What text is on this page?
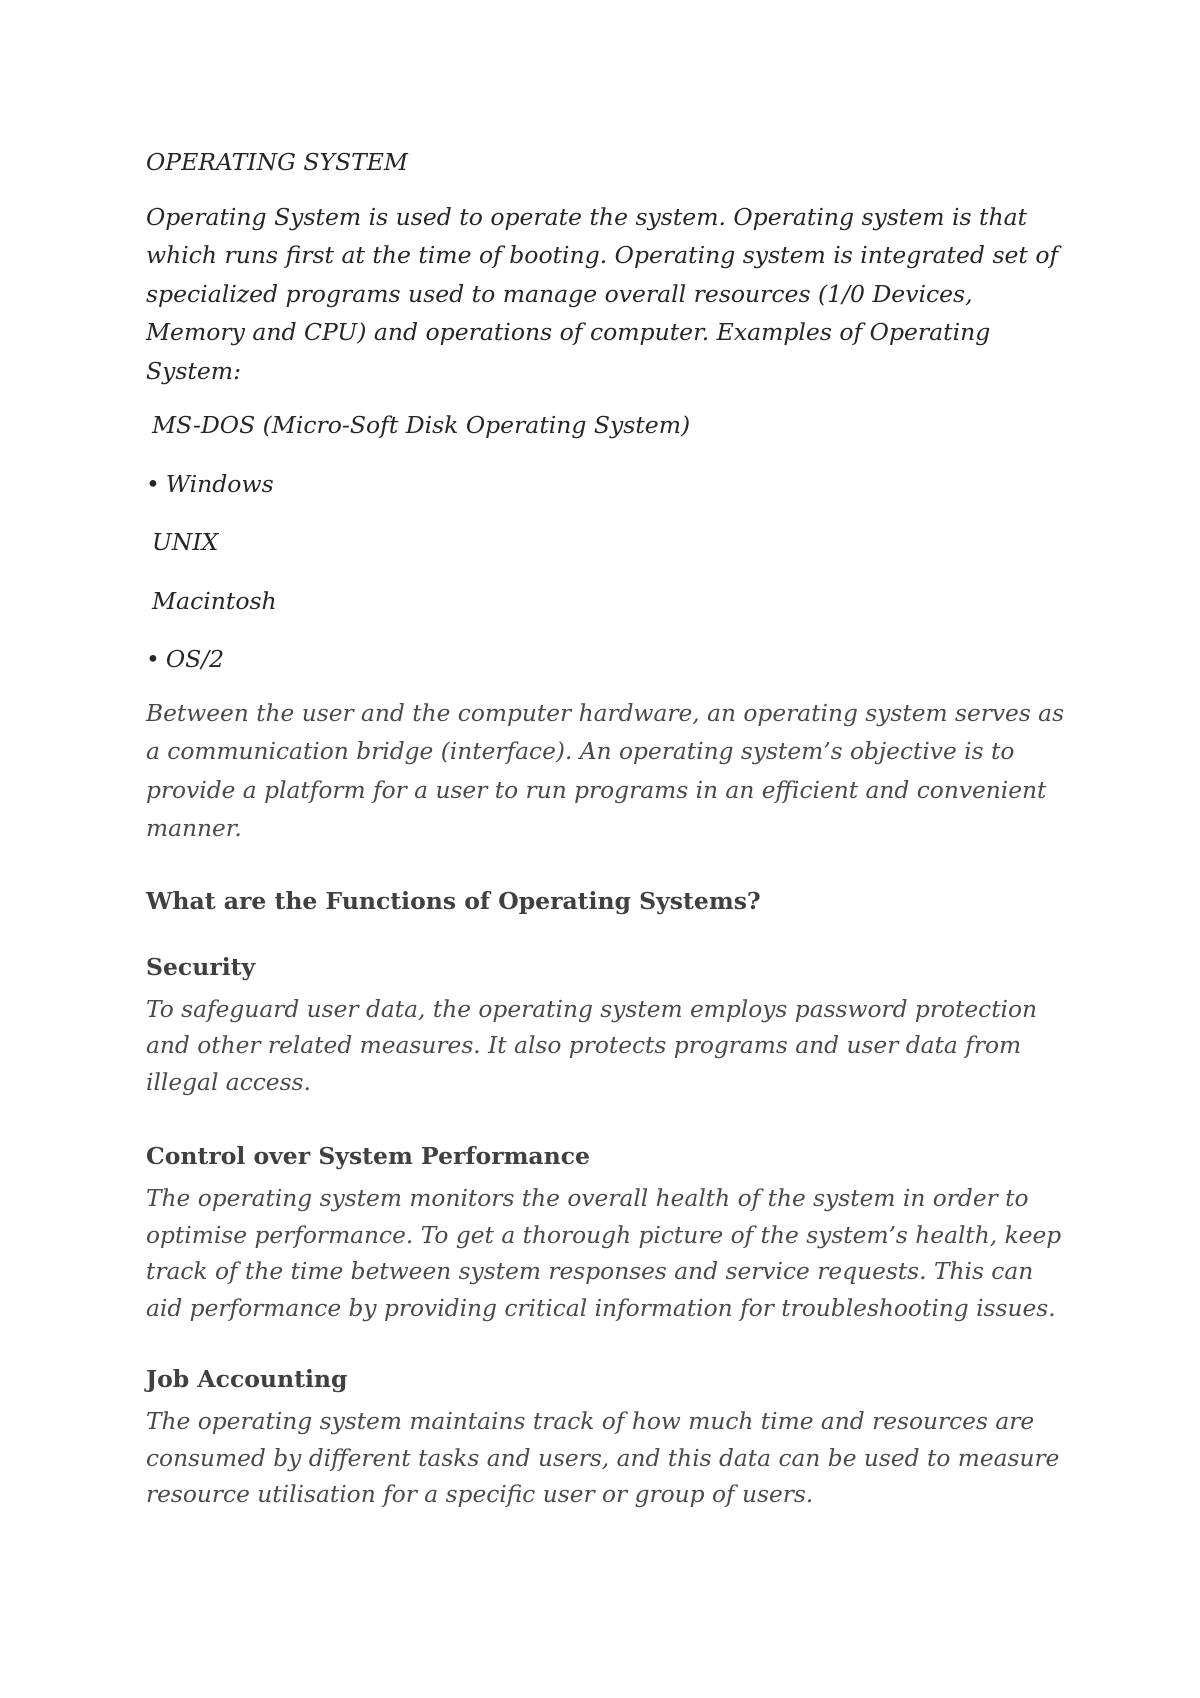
OPERATING SYSTEM

Operating System is used to operate the system. Operating system is that which runs first at the time of booting. Operating system is integrated set of specialized programs used to manage overall resources (1/0 Devices, Memory and CPU) and operations of computer. Examples of Operating System:

MS-DOS (Micro-Soft Disk Operating System)

• Windows

UNIX

Macintosh

• OS/2

Between the user and the computer hardware, an operating system serves as a communication bridge (interface). An operating system’s objective is to provide a platform for a user to run programs in an efficient and convenient manner.

What are the Functions of Operating Systems?
Security

To safeguard user data, the operating system employs password protection and other related measures. It also protects programs and user data from illegal access.

Control over System Performance

The operating system monitors the overall health of the system in order to optimise performance. To get a thorough picture of the system’s health, keep track of the time between system responses and service requests. This can aid performance by providing critical information for troubleshooting issues.

Job Accounting

The operating system maintains track of how much time and resources are consumed by different tasks and users, and this data can be used to measure resource utilisation for a specific user or group of users.
